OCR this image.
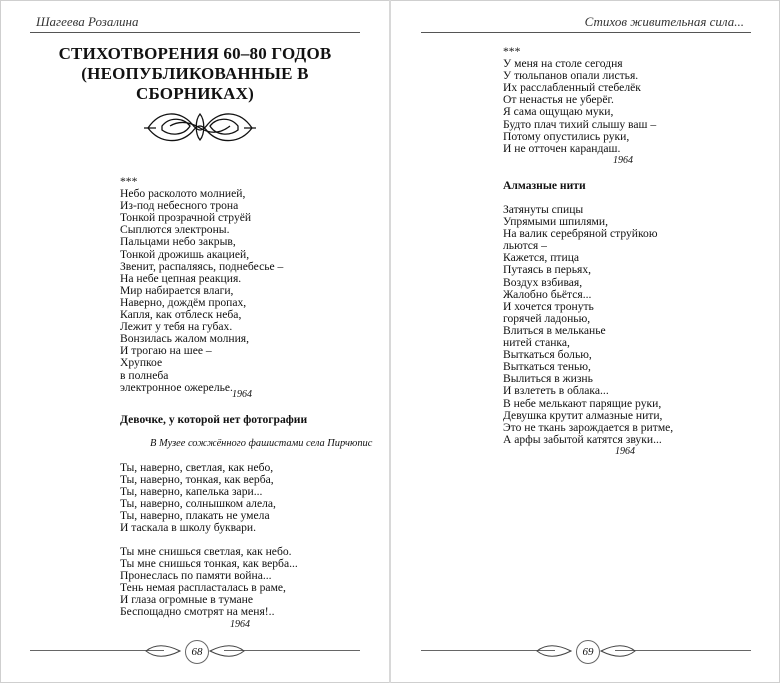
Шагеева Розалина
СТИХОТВОРЕНИЯ 60–80 ГОДОВ
(НЕОПУБЛИКОВАННЫЕ В СБОРНИКАХ)
***
Небо расколото молнией,
Из-под небесного трона
Тонкой прозрачной струёй
Сыплются электроны.
Пальцами небо закрыв,
Тонкой дрожишь акацией,
Звенит, распаляясь, поднебесье –
На небе цепная реакция.
Мир набирается влаги,
Наверно, дождём пропах,
Капля, как отблеск неба,
Лежит у тебя на губах.
Вонзилась жалом молния,
И трогаю на шее –
Хрупкое
в полнеба
электронное ожерелье.
1964
Девочке, у которой нет фотографии
В Музее сожжённого фашистами села Пирчюпис
Ты, наверно, светлая, как небо,
Ты, наверно, тонкая, как верба,
Ты, наверно, капелька зари...
Ты, наверно, солнышком алела,
Ты, наверно, плакать не умела
И таскала в школу буквари.
Ты мне снишься светлая, как небо.
Ты мне снишься тонкая, как верба...
Пронеслась по памяти война...
Тень немая распласталась в раме,
И глаза огромные в тумане
Беспощадно смотрят на меня!..
1964
68
Стихов живительная сила...
***
У меня на столе сегодня
У тюльпанов опали листья.
Их расслабленный стебелёк
От ненастья не уберёг.
Я сама ощущаю муки,
Будто плач тихий слышу ваш –
Потому опустились руки,
И не отточен карандаш.
1964
Алмазные нити
Затянуты спицы
Упрямыми шпилями,
На валик серебряной струйкою
льются –
Кажется, птица
Путаясь в перьях,
Воздух взбивая,
Жалобно бьётся...
И хочется тронуть
горячей ладонью,
Влиться в мельканье
нитей станка,
Выткаться болью,
Выткаться тенью,
Вылиться в жизнь
И взлететь в облака...
В небе мелькают парящие руки,
Девушка крутит алмазные нити,
Это не ткань зарождается в ритме,
А арфы забытой катятся звуки...
1964
69
